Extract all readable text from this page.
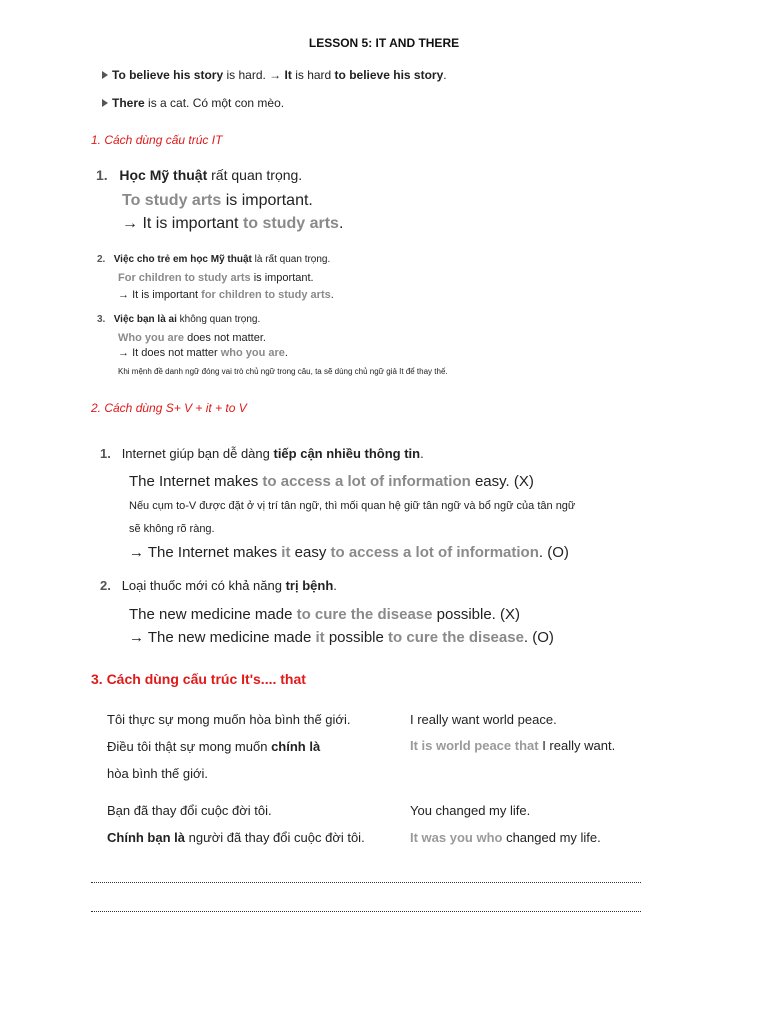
LESSON 5: IT AND THERE
To believe his story is hard. → It is hard to believe his story.
There is a cat. Có một con mèo.
1. Cách dùng cấu trúc IT
1. Học Mỹ thuật rất quan trọng.
To study arts is important.
→ It is important to study arts.
2. Việc cho trẻ em học Mỹ thuật là rất quan trọng.
For children to study arts is important.
→ It is important for children to study arts.
3. Việc bạn là ai không quan trọng.
Who you are does not matter.
→ It does not matter who you are.
Khi mệnh đề danh ngữ đóng vai trò chủ ngữ trong câu, ta sẽ dùng chủ ngữ giả It để thay thế.
2. Cách dùng S+ V + it + to V
1. Internet giúp bạn dễ dàng tiếp cận nhiều thông tin.
The Internet makes to access a lot of information easy. (X)
Nếu cụm to-V được đặt ở vị trí tân ngữ, thì mối quan hệ giữ tân ngữ và bổ ngữ của tân ngữ
sẽ không rõ ràng.
→ The Internet makes it easy to access a lot of information. (O)
2. Loại thuốc mới có khả năng trị bệnh.
The new medicine made to cure the disease possible. (X)
→ The new medicine made it possible to cure the disease. (O)
3. Cách dùng cấu trúc It's.... that
Tôi thực sự mong muốn hòa bình thế giới.	I really want world peace.
Điều tôi thật sự mong muốn chính là	It is world peace that I really want.
hòa bình thế giới.
Bạn đã thay đổi cuộc đời tôi.	You changed my life.
Chính bạn là người đã thay đổi cuộc đời tôi.	It was you who changed my life.
